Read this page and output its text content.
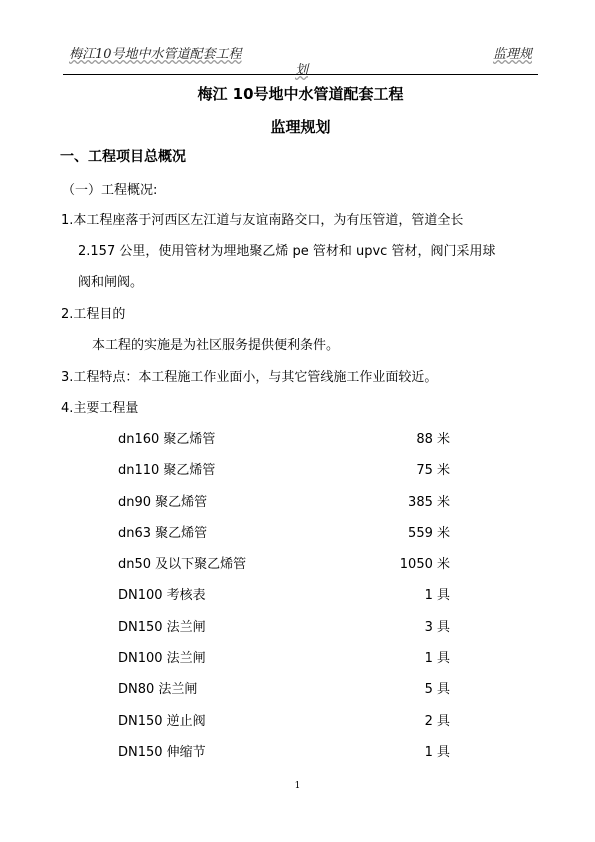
梅江10号地中水管道配套工程	监理规
划
梅江 10号地中水管道配套工程
监理规划
一、工程项目总概况
（一）工程概况:
1.本工程座落于河西区左江道与友谊南路交口，为有压管道，管道全长
2.157 公里，使用管材为埋地聚乙烯 pe 管材和 upvc 管材，阀门采用球
阀和闸阀。
2.工程目的
本工程的实施是为社区服务提供便利条件。
3.工程特点：本工程施工作业面小，与其它管线施工作业面较近。
4.主要工程量
dn160 聚乙烯管	88 米
dn110 聚乙烯管	75 米
dn90 聚乙烯管	385 米
dn63 聚乙烯管	559 米
dn50 及以下聚乙烯管	1050 米
DN100 考核表	1 具
DN150 法兰闸	3 具
DN100 法兰闸	1 具
DN80 法兰闸	5 具
DN150 逆止阀	2 具
DN150 伸缩节	1 具
1
